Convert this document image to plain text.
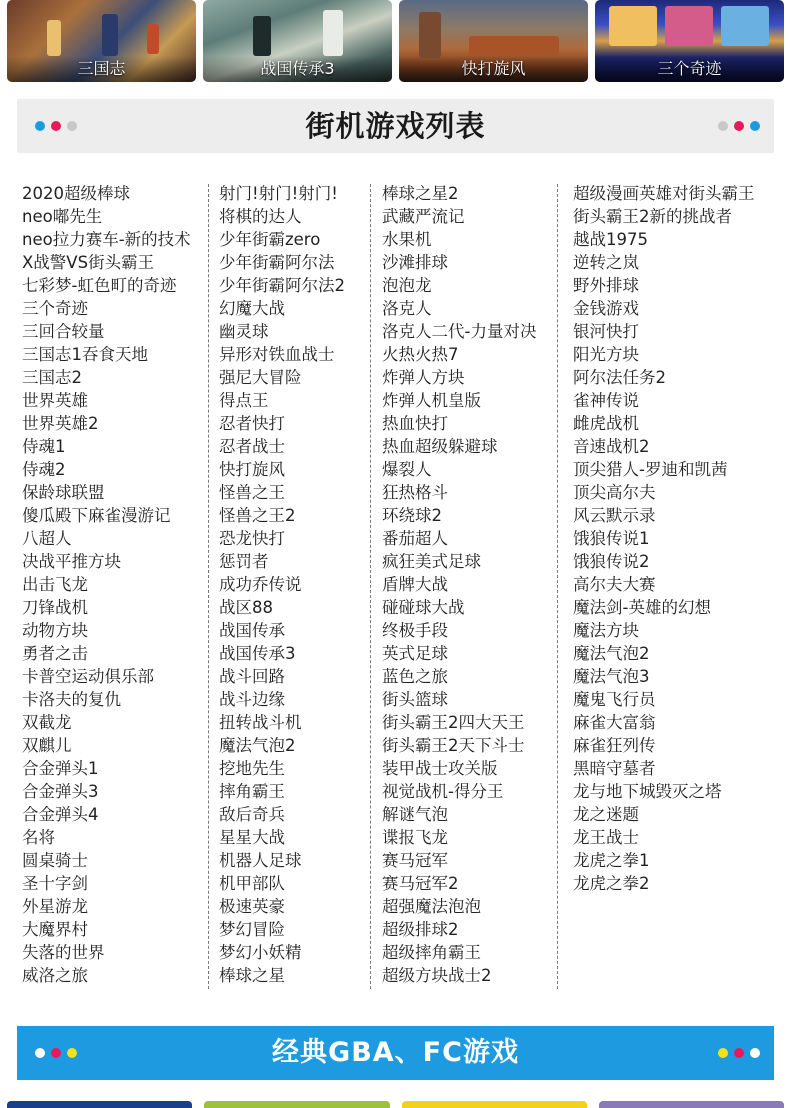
三国志	战国传承3	快打旋风	三个奇迹
街机游戏列表
2020超级棒球
neo嘟先生
neo拉力赛车-新的技术
X战警VS街头霸王
七彩梦-虹色町的奇迹
三个奇迹
三回合较量
三国志1吞食天地
三国志2
世界英雄
世界英雄2
侍魂1
侍魂2
保龄球联盟
傻瓜殿下麻雀漫游记
八超人
决战平推方块
出击飞龙
刀锋战机
动物方块
勇者之击
卡普空运动俱乐部
卡洛夫的复仇
双截龙
双麒儿
合金弹头1
合金弹头3
合金弹头4
名将
圆桌骑士
圣十字剑
外星游龙
大魔界村
失落的世界
威洛之旅
射门!射门!射门!
将棋的达人
少年街霸zero
少年街霸阿尔法
少年街霸阿尔法2
幻魔大战
幽灵球
异形对铁血战士
强尼大冒险
得点王
忍者快打
忍者战士
快打旋风
怪兽之王
怪兽之王2
恐龙快打
惩罚者
成功乔传说
战区88
战国传承
战国传承3
战斗回路
战斗边缘
扭转战斗机
魔法气泡2
挖地先生
摔角霸王
敌后奇兵
星星大战
机器人足球
机甲部队
极速英豪
梦幻冒险
梦幻小妖精
棒球之星
棒球之星2
武藏严流记
水果机
沙滩排球
泡泡龙
洛克人
洛克人二代-力量对决
火热火热7
炸弹人方块
炸弹人机皇版
热血快打
热血超级躲避球
爆裂人
狂热格斗
环绕球2
番茄超人
疯狂美式足球
盾牌大战
碰碰球大战
终极手段
英式足球
蓝色之旅
街头篮球
街头霸王2四大天王
街头霸王2天下斗士
装甲战士攻关版
视觉战机-得分王
解谜气泡
谍报飞龙
赛马冠军
赛马冠军2
超强魔法泡泡
超级排球2
超级摔角霸王
超级方块战士2
超级漫画英雄对街头霸王
街头霸王2新的挑战者
越战1975
逆转之岚
野外排球
金钱游戏
银河快打
阳光方块
阿尔法任务2
雀神传说
雌虎战机
音速战机2
顶尖猎人-罗迪和凯茜
顶尖高尔夫
风云默示录
饿狼传说1
饿狼传说2
高尔夫大赛
魔法剑-英雄的幻想
魔法方块
魔法气泡2
魔法气泡3
魔鬼飞行员
麻雀大富翁
麻雀狂列传
黑暗守墓者
龙与地下城毁灭之塔
龙之迷题
龙王战士
龙虎之拳1
龙虎之拳2
经典GBA、FC游戏
